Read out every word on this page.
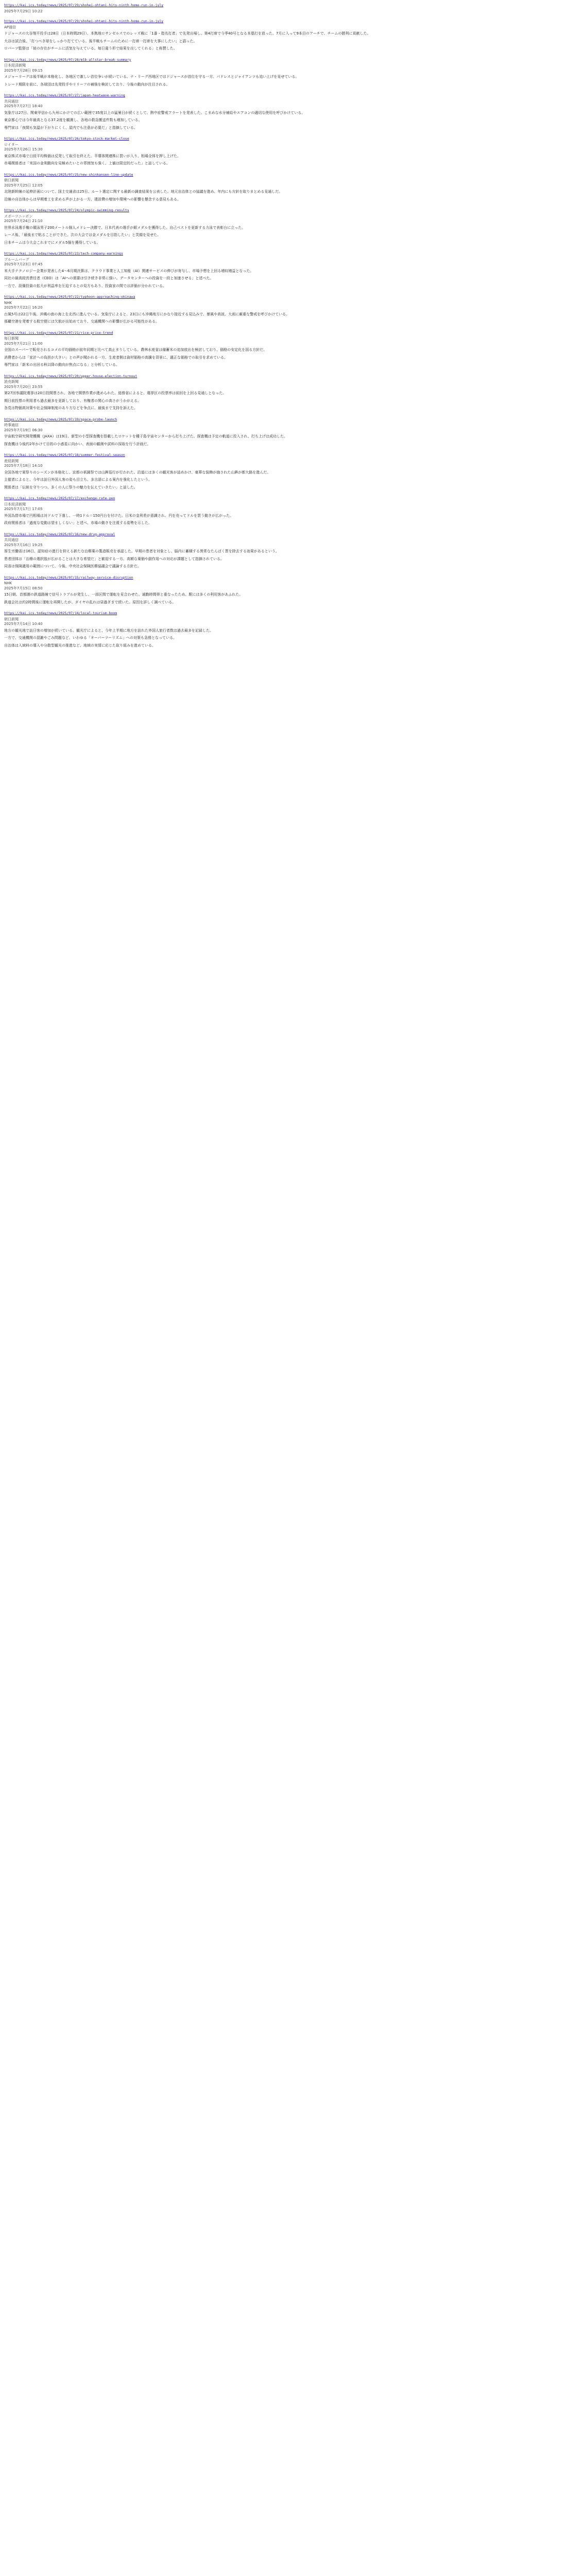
https://kai.ics.today/news/2025/07/29/shohei-ohtani-hits-ninth-home-run-in-july
2025年7月29日 10:22
https://kai.ics.today/news/2025/07/29/shohei-ohtani-hits-ninth-home-run-in-july
AP通信
ドジャースの大谷翔平投手は28日（日本時間29日）、本拠地ロサンゼルスでのレッズ戦に「1番・指名打者」で先発出場し、第4打席で今季40号となる本塁打を放った。7月に入って9本目のアーチで、チームの勝利に貢献した。
大谷は試合後、「打つべき球をしっかり打てている。後半戦もチームのために一打席一打席を大事にしたい」と語った。
ロバーツ監督は「彼の存在がチームに活気を与えている。毎日違う形で結果を出してくれる」と称賛した。
https://kai.ics.today/news/2025/07/28/mlb-allstar-break-summary
日本経済新聞
2025年7月28日 09:15
メジャーリーグは後半戦が本格化し、各地区で激しい首位争いが続いている。ナ・リーグ西地区ではドジャースが首位を守る一方、パドレスとジャイアンツも追い上げを見せている。
トレード期限を前に、各球団は先発投手やリリーフの補強を検討しており、今後の動向が注目される。
https://kai.ics.today/news/2025/07/27/japan-heatwave-warning
共同通信
2025年7月27日 18:40
気象庁は27日、関東甲信から九州にかけての広い範囲で35度以上の猛暑日が続くとして、熱中症警戒アラートを発表した。こまめな水分補給やエアコンの適切な使用を呼びかけている。
東京都心では今年最高となる37.2度を観測し、各地の救急搬送件数も増加している。
専門家は「夜間も気温が下がりにくく、屋内でも注意が必要だ」と指摘している。
https://kai.ics.today/news/2025/07/26/tokyo-stock-market-close
ロイター
2025年7月26日 15:30
東京株式市場で日経平均株価は反発して取引を終えた。半導体関連株に買いが入り、相場全体を押し上げた。
市場関係者は「米国の金利動向を見極めたいとの雰囲気も強く、上値は限定的だった」と話している。
https://kai.ics.today/news/2025/07/25/new-shinkansen-line-update
朝日新聞
2025年7月25日 12:05
北陸新幹線の延伸計画について、国土交通省は25日、ルート選定に関する最新の調査結果を公表した。地元自治体との協議を進め、年内にも方針を取りまとめる見通しだ。
沿線の自治体からは早期着工を求める声が上がる一方、建設費の増加や環境への影響を懸念する意見もある。
https://kai.ics.today/news/2025/07/24/olympic-swimming-results
スポーツニッポン
2025年7月24日 21:10
世界水泳選手権の競泳男子200メートル個人メドレー決勝で、日本代表の選手が銀メダルを獲得した。自己ベストを更新する力泳で表彰台に立った。
レース後、「最後まで粘ることができた。次の大会では金メダルを目指したい」と笑顔を見せた。
日本チームは今大会これまでにメダル5個を獲得している。
https://kai.ics.today/news/2025/07/23/tech-company-earnings
ブルームバーグ
2025年7月23日 07:45
米大手テクノロジー企業が発表した4〜6月期決算は、クラウド事業と人工知能（AI）関連サービスの伸びが寄与し、市場予想を上回る増収増益となった。
同社の最高経営責任者（CEO）は「AIへの需要は引き続き非常に強い。データセンターへの投資を一段と加速させる」と述べた。
一方で、設備投資の拡大が利益率を圧迫するとの見方もあり、投資家の間では評価が分かれている。
https://kai.ics.today/news/2025/07/22/typhoon-approaching-okinawa
NHK
2025年7月22日 16:20
台風5号は22日午後、沖縄の南の海上を北西に進んでいる。気象庁によると、23日にも沖縄地方にかなり接近する見込みで、暴風や高波、大雨に厳重な警戒を呼びかけている。
那覇空港を発着する航空便には欠航が出始めており、交通機関への影響が広がる可能性がある。
https://kai.ics.today/news/2025/07/21/rice-price-trend
毎日新聞
2025年7月21日 11:00
全国のスーパーで販売されるコメの平均価格が前年同期と比べて高止まりしている。農林水産省は備蓄米の追加放出を検討しており、価格の安定化を図る方針だ。
消費者からは「家計への負担が大きい」との声が聞かれる一方、生産者側は資材価格の高騰を背景に、適正な価格での取引を求めている。
専門家は「新米の出回る秋以降の動向が焦点になる」と分析している。
https://kai.ics.today/news/2025/07/20/upper-house-election-turnout
読売新聞
2025年7月20日 23:55
第27回参議院選挙は20日投開票され、各地で開票作業が進められた。総務省によると、選挙区の投票率は前回を上回る見通しとなった。
期日前投票の利用者も過去最多を更新しており、有権者の関心の高さがうかがえる。
各党は物価高対策や社会保障制度のあり方などを争点に、最後まで支持を訴えた。
https://kai.ics.today/news/2025/07/19/space-probe-launch
時事通信
2025年7月19日 06:30
宇宙航空研究開発機構（JAXA）は19日、新型の小型探査機を搭載したロケットを種子島宇宙センターから打ち上げた。探査機は予定の軌道に投入され、打ち上げは成功した。
探査機は今後約2年かけて目的の小惑星に向かい、表面の観測や試料の採取を行う計画だ。
https://kai.ics.today/news/2025/07/18/summer-festival-season
産経新聞
2025年7月18日 14:10
全国各地で夏祭りのシーズンが本格化し、京都の祇園祭では山鉾巡行が行われた。沿道には多くの観光客が詰めかけ、豪華な装飾が施された山鉾が都大路を進んだ。
主催者によると、今年は訪日外国人客の姿も目立ち、多言語による案内を強化したという。
関係者は「伝統を守りつつ、多くの人に祭りの魅力を伝えていきたい」と話した。
https://kai.ics.today/news/2025/07/17/exchange-rate-yen
日本経済新聞
2025年7月17日 17:05
外国為替市場で円相場は対ドルで下落し、一時1ドル＝150円台を付けた。日米の金利差が意識され、円を売ってドルを買う動きが広がった。
政府関係者は「過度な変動は望ましくない」と述べ、市場の動きを注視する姿勢を示した。
https://kai.ics.today/news/2025/07/16/new-drug-approval
共同通信
2025年7月16日 19:25
厚生労働省は16日、認知症の進行を抑える新たな治療薬の製造販売を承認した。早期の患者を対象とし、脳内に蓄積する異常なたんぱく質を除去する効果があるという。
患者団体は「治療の選択肢が広がることは大きな希望だ」と歓迎する一方、高額な薬価や副作用への対応が課題として指摘されている。
同省は保険適用の範囲について、今後、中央社会保険医療協議会で議論する方針だ。
https://kai.ics.today/news/2025/07/15/railway-service-disruption
NHK
2025年7月15日 08:50
15日朝、首都圏の鉄道路線で信号トラブルが発生し、一部区間で運転を見合わせた。通勤時間帯と重なったため、駅には多くの利用客があふれた。
鉄道会社は約2時間後に運転を再開したが、ダイヤの乱れは昼過ぎまで続いた。原因を詳しく調べている。
https://kai.ics.today/news/2025/07/14/local-tourism-boom
朝日新聞
2025年7月14日 10:40
地方の観光地で訪日客の増加が続いている。観光庁によると、今年上半期に地方を訪れた外国人旅行者数は過去最多を記録した。
一方で、交通機関の混雑やごみ問題など、いわゆる「オーバーツーリズム」への対策も急務となっている。
自治体は入域料の導入や分散型観光の推進など、地域の実情に応じた取り組みを進めている。
